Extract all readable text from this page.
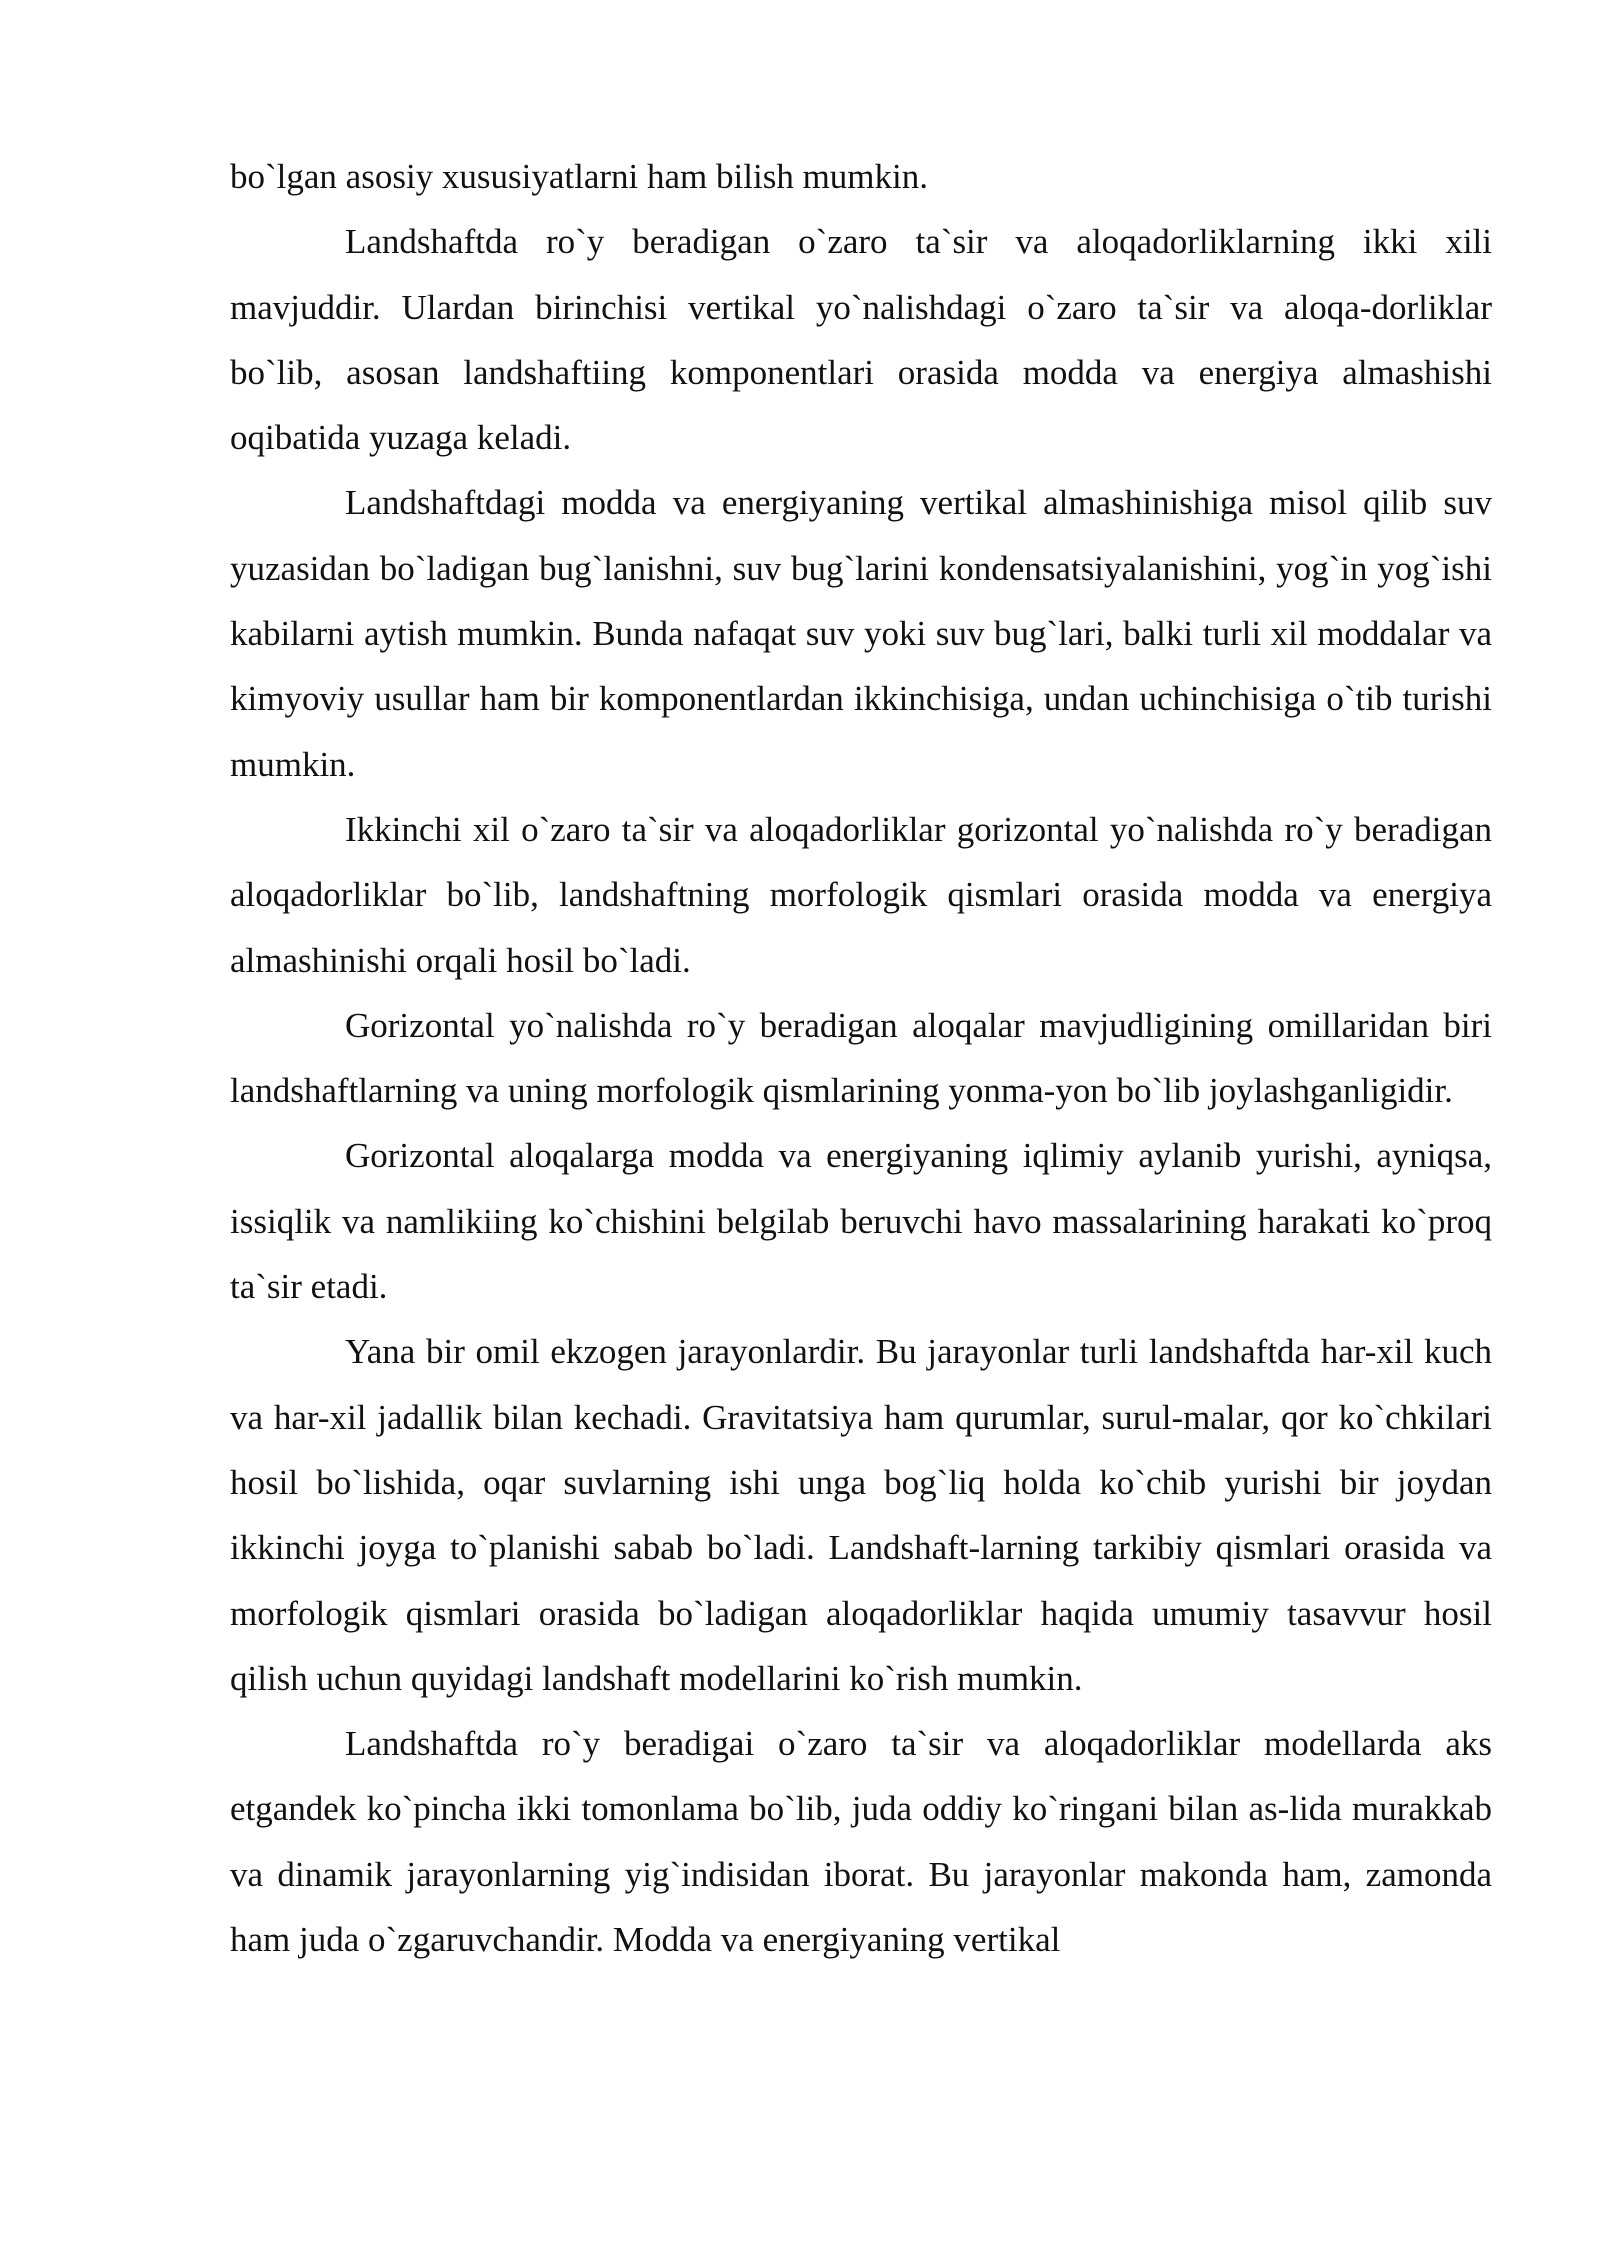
bo`lgan asosiy xususiyatlarni ham bilish mumkin.

Landshaftda ro`y beradigan o`zaro ta`sir va aloqadorliklarning ikki xili mavjuddir. Ulardan birinchisi vertikal yo`nalishdagi o`zaro ta`sir va aloqa-dorliklar bo`lib, asosan landshaftiing komponentlari orasida modda va energiya almashishi oqibatida yuzaga keladi.

Landshaftdagi modda va energiyaning vertikal almashinishiga misol qilib suv yuzasidan bo`ladigan bug`lanishni, suv bug`larini kondensatsiyalanishini, yog`in yog`ishi kabilarni aytish mumkin. Bunda nafaqat suv yoki suv bug`lari, balki turli xil moddalar va kimyoviy usullar ham bir komponentlardan ikkinchisiga, undan uchinchisiga o`tib turishi mumkin.

Ikkinchi xil o`zaro ta`sir va aloqadorliklar gorizontal yo`nalishda ro`y beradigan aloqadorliklar bo`lib, landshaftning morfologik qismlari orasida modda va energiya almashinishi orqali hosil bo`ladi.

Gorizontal yo`nalishda ro`y beradigan aloqalar mavjudligining omillaridan biri landshaftlarning va uning morfologik qismlarining yonma-yon bo`lib joylashganligidir.

Gorizontal aloqalarga modda va energiyaning iqlimiy aylanib yurishi, ayniqsa, issiqlik va namlikiing ko`chishini belgilab beruvchi havo massalarining harakati ko`proq ta`sir etadi.

Yana bir omil ekzogen jarayonlardir. Bu jarayonlar turli landshaftda har-xil kuch va har-xil jadallik bilan kechadi. Gravitatsiya ham qurumlar, surul-malar, qor ko`chkilari hosil bo`lishida, oqar suvlarning ishi unga bog`liq holda ko`chib yurishi bir joydan ikkinchi joyga to`planishi sabab bo`ladi. Landshaft-larning tarkibiy qismlari orasida va morfologik qismlari orasida bo`ladigan aloqadorliklar haqida umumiy tasavvur hosil qilish uchun quyidagi landshaft modellarini ko`rish mumkin.

Landshaftda ro`y beradigai o`zaro ta`sir va aloqadorliklar modellarda aks etgandek ko`pincha ikki tomonlama bo`lib, juda oddiy ko`ringani bilan as-lida murakkab va dinamik jarayonlarning yig`indisidan iborat. Bu jarayonlar makonda ham, zamonda ham juda o`zgaruvchandir. Modda va energiyaning vertikal
